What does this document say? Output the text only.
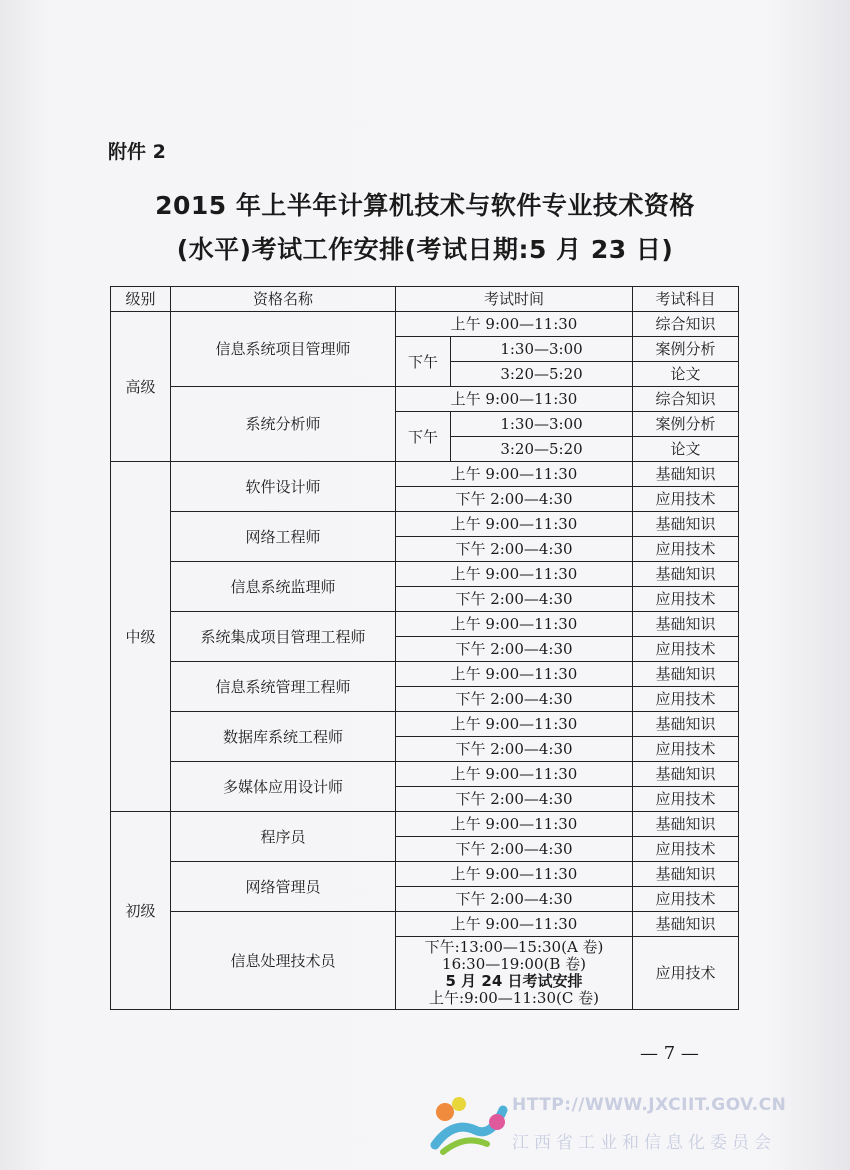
附件 2
2015 年上半年计算机技术与软件专业技术资格
(水平)考试工作安排(考试日期:5 月 23 日)
级别	资格名称	考试时间		考试科目
高级	信息系统项目管理师	上午 9:00—11:30		综合知识
		下午	1:30—3:00	案例分析
			3:20—5:20	论文
	系统分析师	上午 9:00—11:30		综合知识
		下午	1:30—3:00	案例分析
			3:20—5:20	论文
中级	软件设计师	上午 9:00—11:30		基础知识
		下午 2:00—4:30		应用技术
	网络工程师	上午 9:00—11:30		基础知识
		下午 2:00—4:30		应用技术
	信息系统监理师	上午 9:00—11:30		基础知识
		下午 2:00—4:30		应用技术
	系统集成项目管理工程师	上午 9:00—11:30		基础知识
		下午 2:00—4:30		应用技术
	信息系统管理工程师	上午 9:00—11:30		基础知识
		下午 2:00—4:30		应用技术
	数据库系统工程师	上午 9:00—11:30		基础知识
		下午 2:00—4:30		应用技术
	多媒体应用设计师	上午 9:00—11:30		基础知识
		下午 2:00—4:30		应用技术
初级	程序员	上午 9:00—11:30		基础知识
		下午 2:00—4:30		应用技术
	网络管理员	上午 9:00—11:30		基础知识
		下午 2:00—4:30		应用技术
	信息处理技术员	上午 9:00—11:30		基础知识

		下午:13:00—15:30(A 卷)
16:30—19:00(B 卷)
5 月 24 日考试安排
上午:9:00—11:30(C 卷)		应用技术
— 7 —
HTTP://WWW.JXCIIT.GOV.CN
江西省工业和信息化委员会
